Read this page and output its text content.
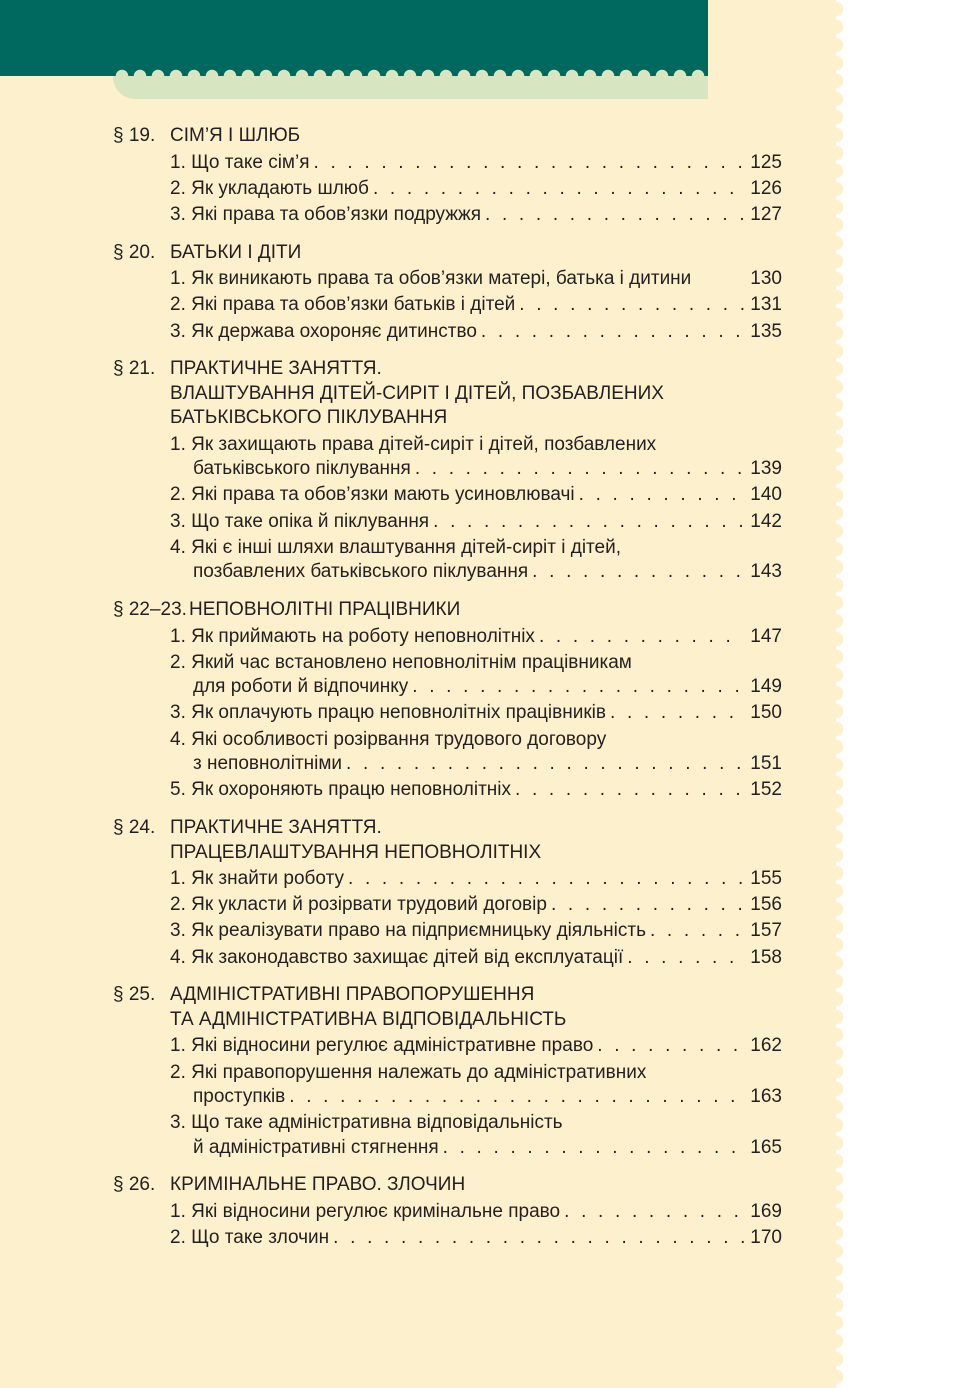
§ 19. СІМ’Я І ШЛЮБ
1. Що таке сім’я . . .	125
2. Як укладають шлюб . . .	126
3. Які права та обов’язки подружжя . . .	127
§ 20. БАТЬКИ І ДІТИ
1. Як виникають права та обов’язки матері, батька і дитини	130
2. Які права та обов’язки батьків і дітей . . .	131
3. Як держава охороняє дитинство . . .	135
§ 21. ПРАКТИЧНЕ ЗАНЯТТЯ.
ВЛАШТУВАННЯ ДІТЕЙ-СИРІТ І ДІТЕЙ, ПОЗБАВЛЕНИХ
БАТЬКІВСЬКОГО ПІКЛУВАННЯ
1. Як захищають права дітей-сиріт і дітей, позбавлених
батьківського піклування . . .	139
2. Які права та обов’язки мають усиновлювачі . . .	140
3. Що таке опіка й піклування . . .	142
4. Які є інші шляхи влаштування дітей-сиріт і дітей,
позбавлених батьківського піклування . . .	143
§ 22–23. НЕПОВНОЛІТНІ ПРАЦІВНИКИ
1. Як приймають на роботу неповнолітніх . . .	147
2. Який час встановлено неповнолітнім працівникам
для роботи й відпочинку . . .	149
3. Як оплачують працю неповнолітніх працівників . . .	150
4. Які особливості розірвання трудового договору
з неповнолітніми . . .	151
5. Як охороняють працю неповнолітніх . . .	152
§ 24. ПРАКТИЧНЕ ЗАНЯТТЯ.
ПРАЦЕВЛАШТУВАННЯ НЕПОВНОЛІТНІХ
1. Як знайти роботу . . .	155
2. Як укласти й розірвати трудовий договір . . .	156
3. Як реалізувати право на підприємницьку діяльність . . .	157
4. Як законодавство захищає дітей від експлуатації . . .	158
§ 25. АДМІНІСТРАТИВНІ ПРАВОПОРУШЕННЯ
ТА АДМІНІСТРАТИВНА ВІДПОВІДАЛЬНІСТЬ
1. Які відносини регулює адміністративне право . . .	162
2. Які правопорушення належать до адміністративних
проступків . . .	163
3. Що таке адміністративна відповідальність
й адміністративні стягнення . . .	165
§ 26. КРИМІНАЛЬНЕ ПРАВО. ЗЛОЧИН
1. Які відносини регулює кримінальне право . . .	169
2. Що таке злочин . . .	170
